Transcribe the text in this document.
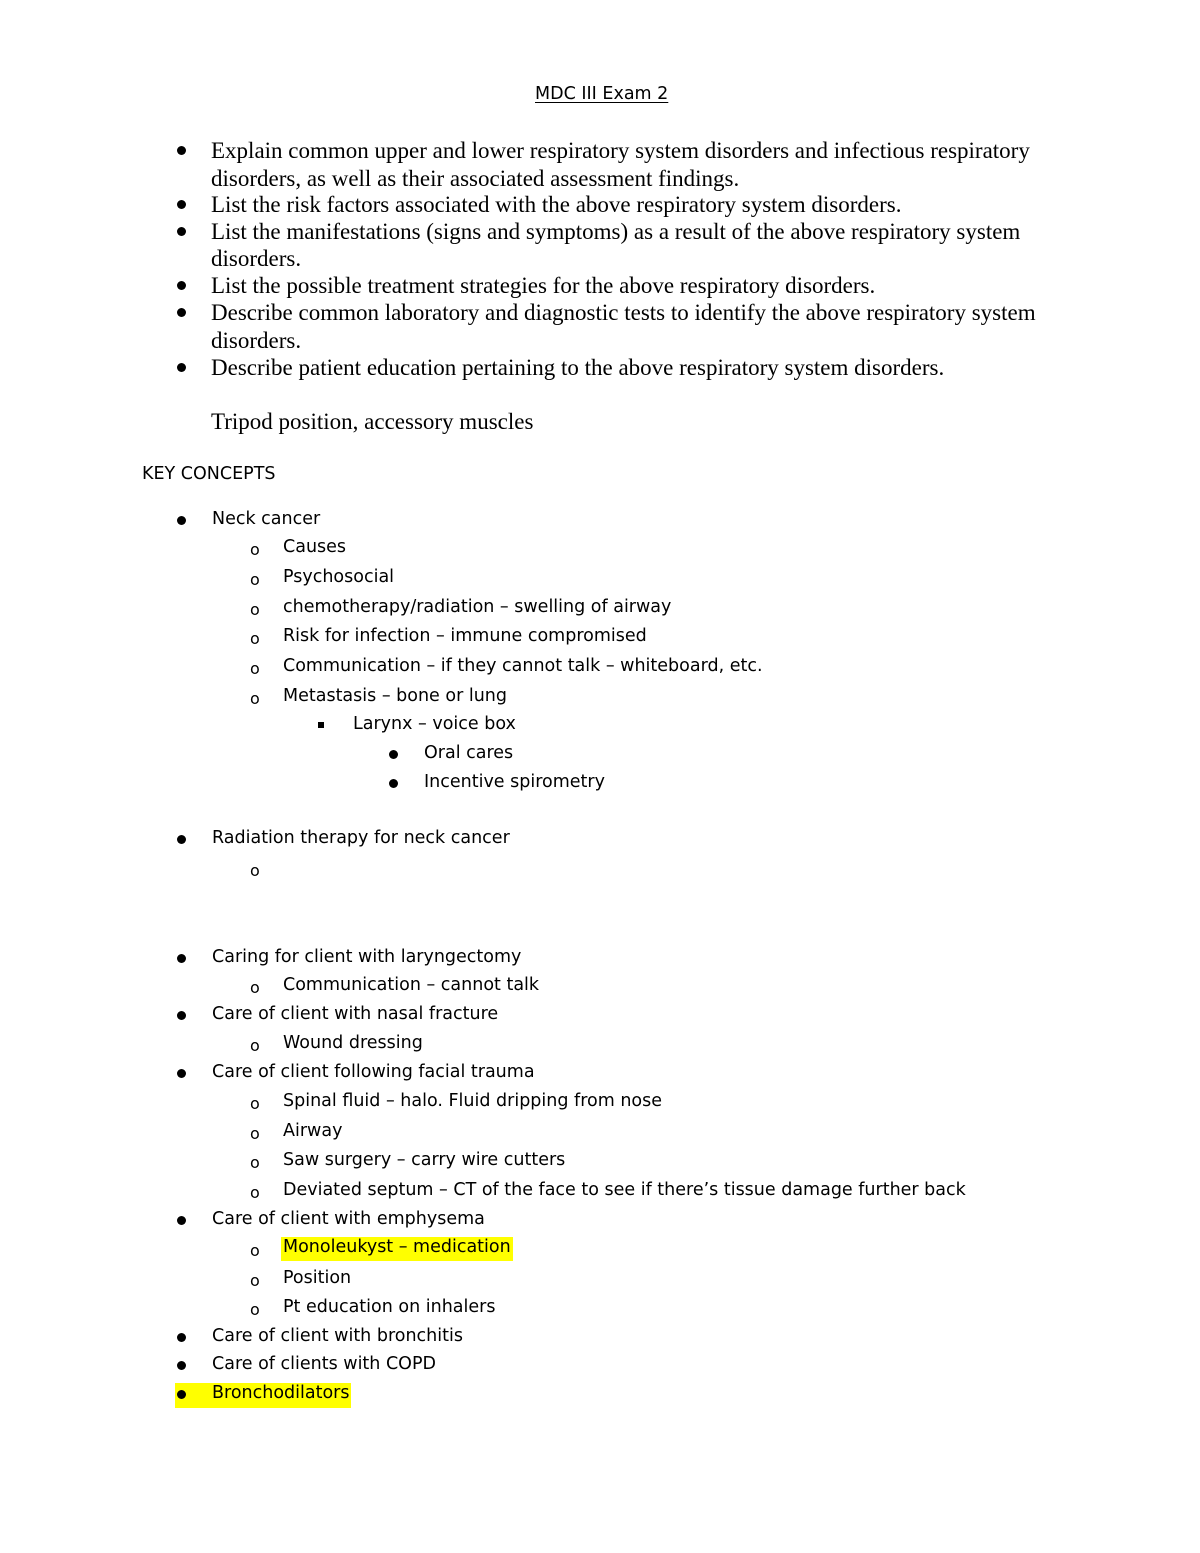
MDC III Exam 2
Explain common upper and lower respiratory system disorders and infectious respiratory
disorders, as well as their associated assessment findings.
List the risk factors associated with the above respiratory system disorders.
List the manifestations (signs and symptoms) as a result of the above respiratory system
disorders.
List the possible treatment strategies for the above respiratory disorders.
Describe common laboratory and diagnostic tests to identify the above respiratory system
disorders.
Describe patient education pertaining to the above respiratory system disorders.
Tripod position, accessory muscles
KEY CONCEPTS
Neck cancer
o Causes
o Psychosocial
o chemotherapy/radiation – swelling of airway
o Risk for infection – immune compromised
o Communication – if they cannot talk – whiteboard, etc.
o Metastasis – bone or lung
Larynx – voice box
Oral cares
Incentive spirometry
Radiation therapy for neck cancer
o
Caring for client with laryngectomy
o Communication – cannot talk
Care of client with nasal fracture
o Wound dressing
Care of client following facial trauma
o Spinal fluid – halo. Fluid dripping from nose
o Airway
o Saw surgery – carry wire cutters
o Deviated septum – CT of the face to see if there’s tissue damage further back
Care of client with emphysema
o Monoleukyst – medication
o Position
o Pt education on inhalers
Care of client with bronchitis
Care of clients with COPD
Bronchodilators
